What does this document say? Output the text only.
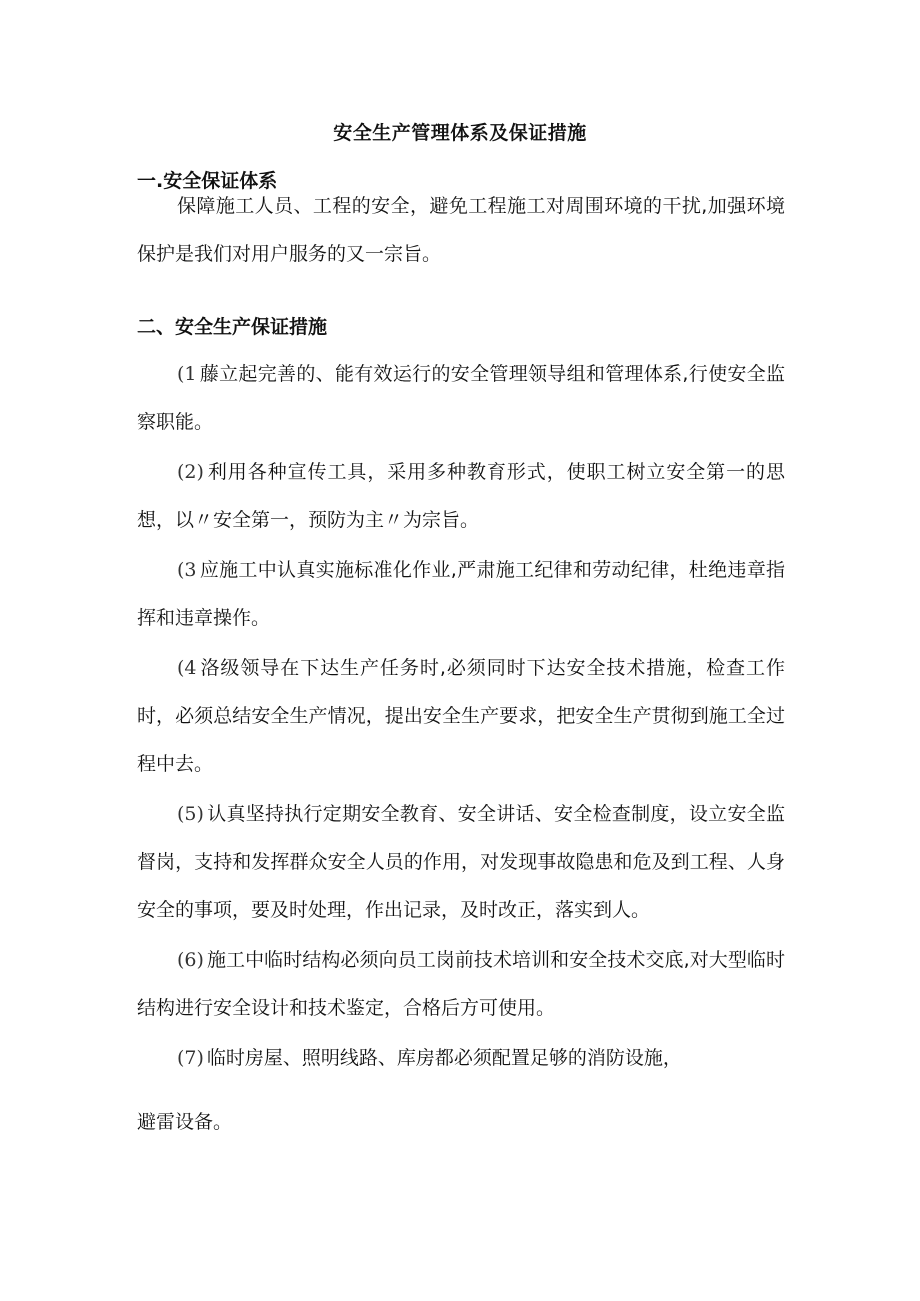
安全生产管理体系及保证措施
一.安全保证体系

保障施工人员、工程的安全，避免工程施工对周围环境的干扰,加强环境保护是我们对用户服务的又一宗旨。

二、安全生产保证措施

(1 藤立起完善的、能有效运行的安全管理领导组和管理体系,行使安全监察职能。

(2) 利用各种宣传工具，采用多种教育形式，使职工树立安全第一的思想，以〃安全第一，预防为主〃为宗旨。

(3 应施工中认真实施标准化作业,严肃施工纪律和劳动纪律，杜绝违章指挥和违章操作。

(4 洛级领导在下达生产任务时,必须同时下达安全技术措施，检查工作时，必须总结安全生产情况，提出安全生产要求，把安全生产贯彻到施工全过程中去。

(5) 认真坚持执行定期安全教育、安全讲话、安全检查制度，设立安全监督岗，支持和发挥群众安全人员的作用，对发现事故隐患和危及到工程、人身安全的事项，要及时处理，作出记录，及时改正，落实到人。

(6) 施工中临时结构必须向员工岗前技术培训和安全技术交底,对大型临时结构进行安全设计和技术鉴定，合格后方可使用。

(7) 临时房屋、照明线路、库房都必须配置足够的消防设施，

避雷设备。
